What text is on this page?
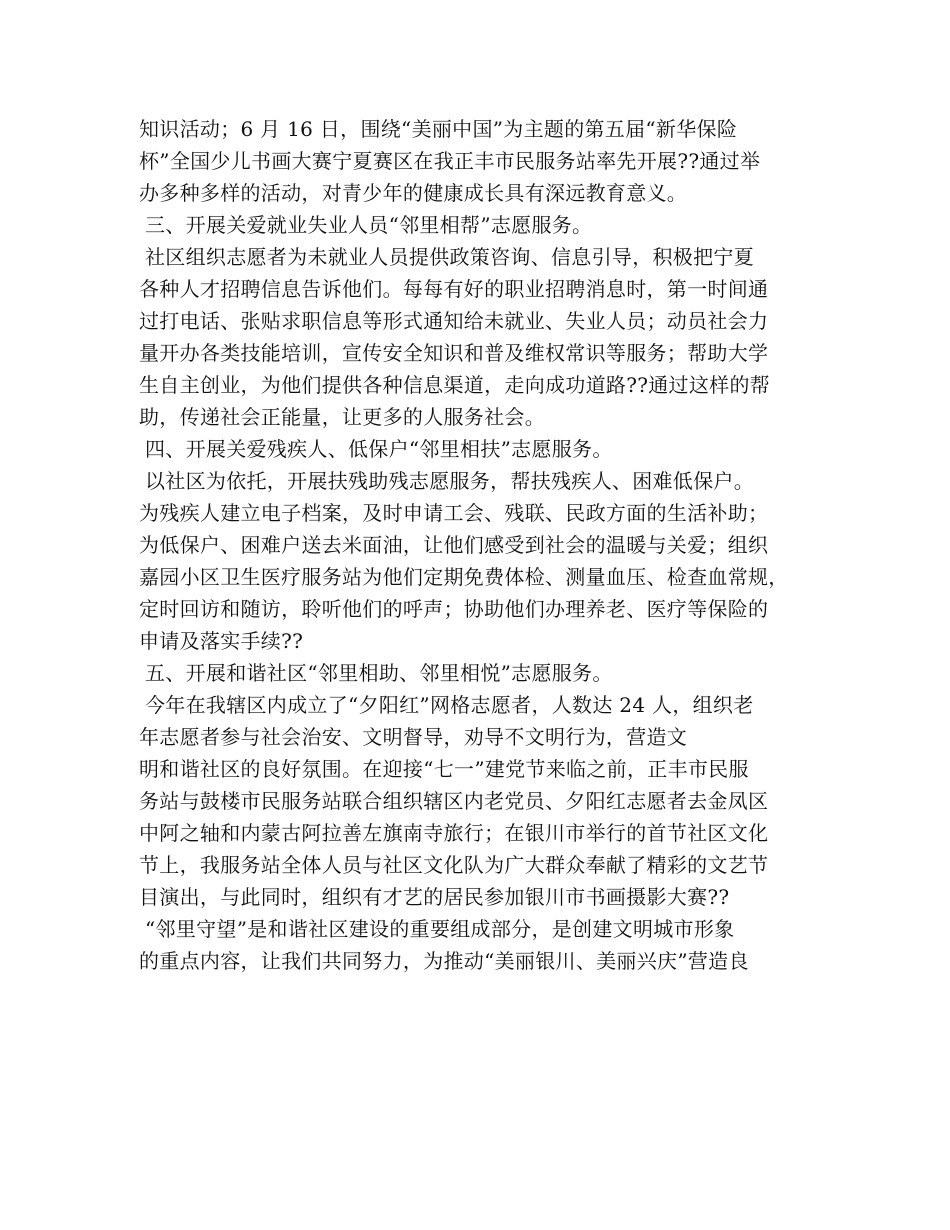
知识活动；6 月 16 日，围绕“美丽中国”为主题的第五届“新华保险
杯”全国少儿书画大赛宁夏赛区在我正丰市民服务站率先开展??通过举
办多种多样的活动，对青少年的健康成长具有深远教育意义。
三、开展关爱就业失业人员“邻里相帮”志愿服务。
社区组织志愿者为未就业人员提供政策咨询、信息引导，积极把宁夏
各种人才招聘信息告诉他们。每每有好的职业招聘消息时，第一时间通
过打电话、张贴求职信息等形式通知给未就业、失业人员；动员社会力
量开办各类技能培训，宣传安全知识和普及维权常识等服务；帮助大学
生自主创业，为他们提供各种信息渠道，走向成功道路??通过这样的帮
助，传递社会正能量，让更多的人服务社会。
四、开展关爱残疾人、低保户“邻里相扶”志愿服务。
以社区为依托，开展扶残助残志愿服务，帮扶残疾人、困难低保户。
为残疾人建立电子档案，及时申请工会、残联、民政方面的生活补助；
为低保户、困难户送去米面油，让他们感受到社会的温暖与关爱；组织
嘉园小区卫生医疗服务站为他们定期免费体检、测量血压、检查血常规，
定时回访和随访，聆听他们的呼声；协助他们办理养老、医疗等保险的
申请及落实手续??
五、开展和谐社区“邻里相助、邻里相悦”志愿服务。
今年在我辖区内成立了“夕阳红”网格志愿者，人数达 24 人，组织老
年志愿者参与社会治安、文明督导，劝导不文明行为，营造文
明和谐社区的良好氛围。在迎接“七一”建党节来临之前，正丰市民服
务站与鼓楼市民服务站联合组织辖区内老党员、夕阳红志愿者去金凤区
中阿之轴和内蒙古阿拉善左旗南寺旅行；在银川市举行的首节社区文化
节上，我服务站全体人员与社区文化队为广大群众奉献了精彩的文艺节
目演出，与此同时，组织有才艺的居民参加银川市书画摄影大赛??
“邻里守望”是和谐社区建设的重要组成部分，是创建文明城市形象
的重点内容，让我们共同努力，为推动“美丽银川、美丽兴庆”营造良
